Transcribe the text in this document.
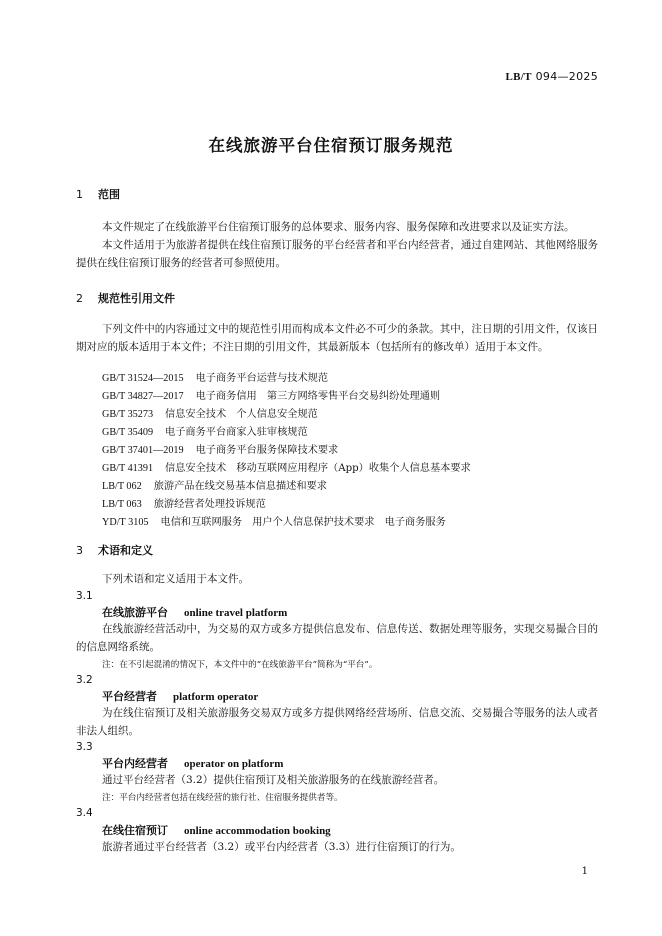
LB/T 094—2025
在线旅游平台住宿预订服务规范
1 范围
本文件规定了在线旅游平台住宿预订服务的总体要求、服务内容、服务保障和改进要求以及证实方法。
本文件适用于为旅游者提供在线住宿预订服务的平台经营者和平台内经营者，通过自建网站、其他网络服务提供在线住宿预订服务的经营者可参照使用。
2 规范性引用文件
下列文件中的内容通过文中的规范性引用而构成本文件必不可少的条款。其中，注日期的引用文件，仅该日期对应的版本适用于本文件；不注日期的引用文件，其最新版本（包括所有的修改单）适用于本文件。
GB/T 31524—2015 电子商务平台运营与技术规范
GB/T 34827—2017 电子商务信用　第三方网络零售平台交易纠纷处理通则
GB/T 35273 信息安全技术　个人信息安全规范
GB/T 35409 电子商务平台商家入驻审核规范
GB/T 37401—2019 电子商务平台服务保障技术要求
GB/T 41391 信息安全技术　移动互联网应用程序（App）收集个人信息基本要求
LB/T 062 旅游产品在线交易基本信息描述和要求
LB/T 063 旅游经营者处理投诉规范
YD/T 3105 电信和互联网服务　用户个人信息保护技术要求　电子商务服务
3 术语和定义
下列术语和定义适用于本文件。
3.1
在线旅游平台 online travel platform
在线旅游经营活动中，为交易的双方或多方提供信息发布、信息传送、数据处理等服务，实现交易撮合目的的信息网络系统。
注：在不引起混淆的情况下，本文件中的“在线旅游平台”简称为“平台”。
3.2
平台经营者 platform operator
为在线住宿预订及相关旅游服务交易双方或多方提供网络经营场所、信息交流、交易撮合等服务的法人或者非法人组织。
3.3
平台内经营者 operator on platform
通过平台经营者（3.2）提供住宿预订及相关旅游服务的在线旅游经营者。
注：平台内经营者包括在线经营的旅行社、住宿服务提供者等。
3.4
在线住宿预订 online accommodation booking
旅游者通过平台经营者（3.2）或平台内经营者（3.3）进行住宿预订的行为。
1
